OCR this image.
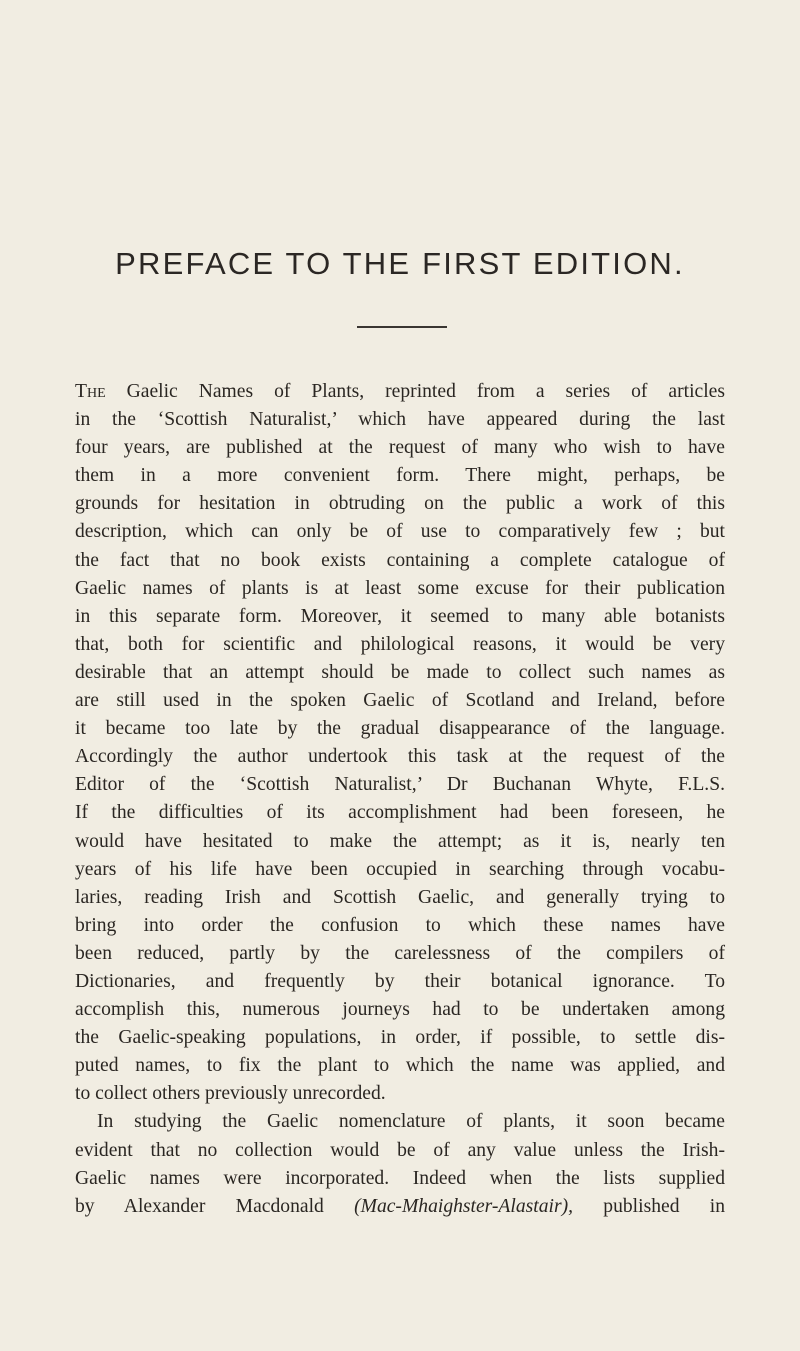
PREFACE TO THE FIRST EDITION.
The Gaelic Names of Plants, reprinted from a series of articles
in the ‘Scottish Naturalist,’ which have appeared during the last
four years, are published at the request of many who wish to have
them in a more convenient form. There might, perhaps, be
grounds for hesitation in obtruding on the public a work of this
description, which can only be of use to comparatively few ; but
the fact that no book exists containing a complete catalogue of
Gaelic names of plants is at least some excuse for their publication
in this separate form. Moreover, it seemed to many able botanists
that, both for scientific and philological reasons, it would be very
desirable that an attempt should be made to collect such names as
are still used in the spoken Gaelic of Scotland and Ireland, before
it became too late by the gradual disappearance of the language.
Accordingly the author undertook this task at the request of the
Editor of the ‘Scottish Naturalist,’ Dr Buchanan Whyte, F.L.S.
If the difficulties of its accomplishment had been foreseen, he
would have hesitated to make the attempt; as it is, nearly ten
years of his life have been occupied in searching through vocabu-
laries, reading Irish and Scottish Gaelic, and generally trying to
bring into order the confusion to which these names have
been reduced, partly by the carelessness of the compilers of
Dictionaries, and frequently by their botanical ignorance. To
accomplish this, numerous journeys had to be undertaken among
the Gaelic-speaking populations, in order, if possible, to settle dis-
puted names, to fix the plant to which the name was applied, and
to collect others previously unrecorded.
In studying the Gaelic nomenclature of plants, it soon became
evident that no collection would be of any value unless the Irish-
Gaelic names were incorporated. Indeed when the lists supplied
by Alexander Macdonald (Mac-Mhaighster-Alastair), published in
